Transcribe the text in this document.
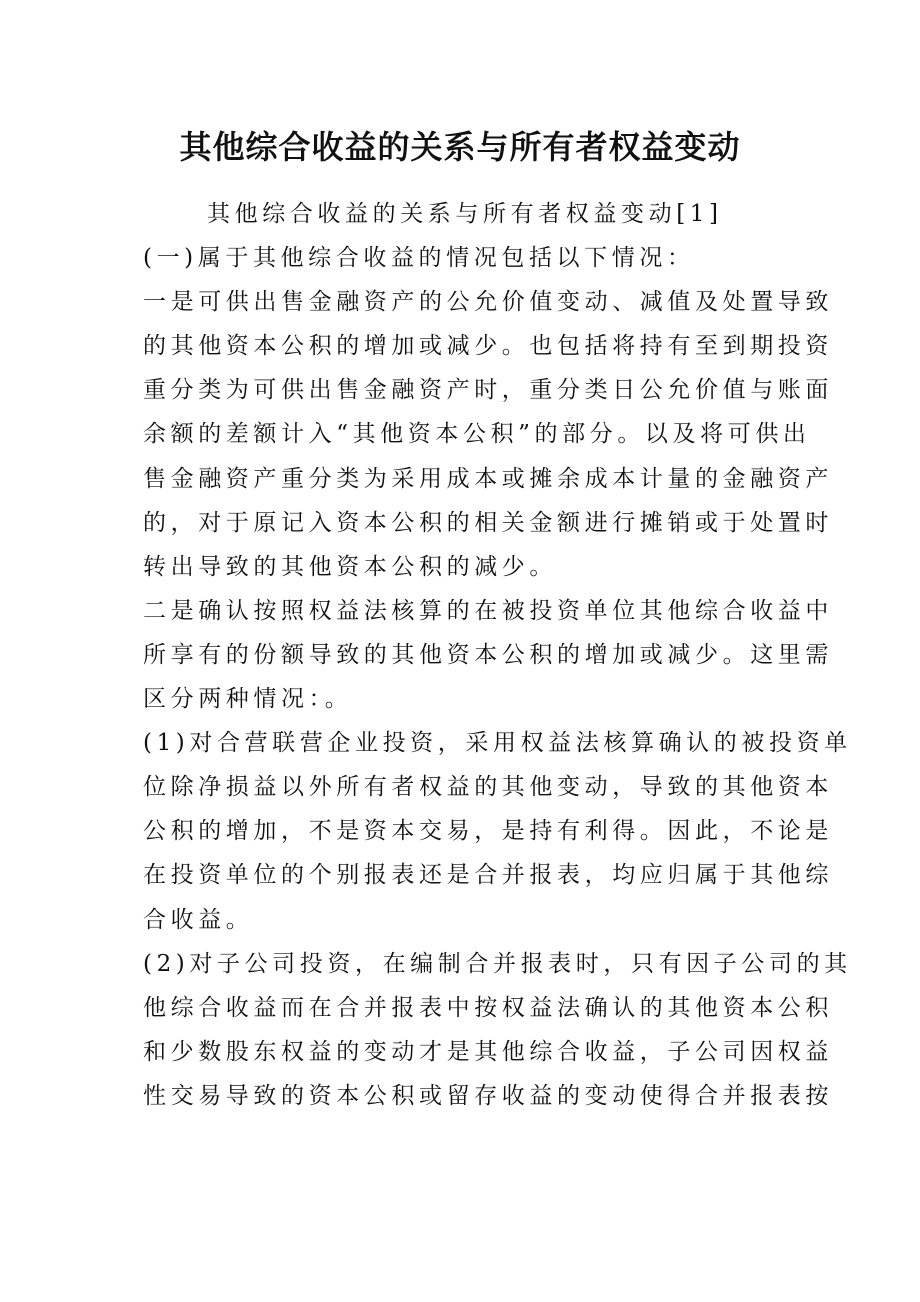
其他综合收益的关系与所有者权益变动
其他综合收益的关系与所有者权益变动[1]
(一)属于其他综合收益的情况包括以下情况：
一是可供出售金融资产的公允价值变动、减值及处置导致
的其他资本公积的增加或减少。也包括将持有至到期投资
重分类为可供出售金融资产时，重分类日公允价值与账面
余额的差额计入“其他资本公积”的部分。以及将可供出
售金融资产重分类为采用成本或摊余成本计量的金融资产
的，对于原记入资本公积的相关金额进行摊销或于处置时
转出导致的其他资本公积的减少。
二是确认按照权益法核算的在被投资单位其他综合收益中
所享有的份额导致的其他资本公积的增加或减少。这里需
区分两种情况：。
(1)对合营联营企业投资，采用权益法核算确认的被投资单
位除净损益以外所有者权益的其他变动，导致的其他资本
公积的增加，不是资本交易，是持有利得。因此，不论是
在投资单位的个别报表还是合并报表，均应归属于其他综
合收益。
(2)对子公司投资，在编制合并报表时，只有因子公司的其
他综合收益而在合并报表中按权益法确认的其他资本公积
和少数股东权益的变动才是其他综合收益，子公司因权益
性交易导致的资本公积或留存收益的变动使得合并报表按
